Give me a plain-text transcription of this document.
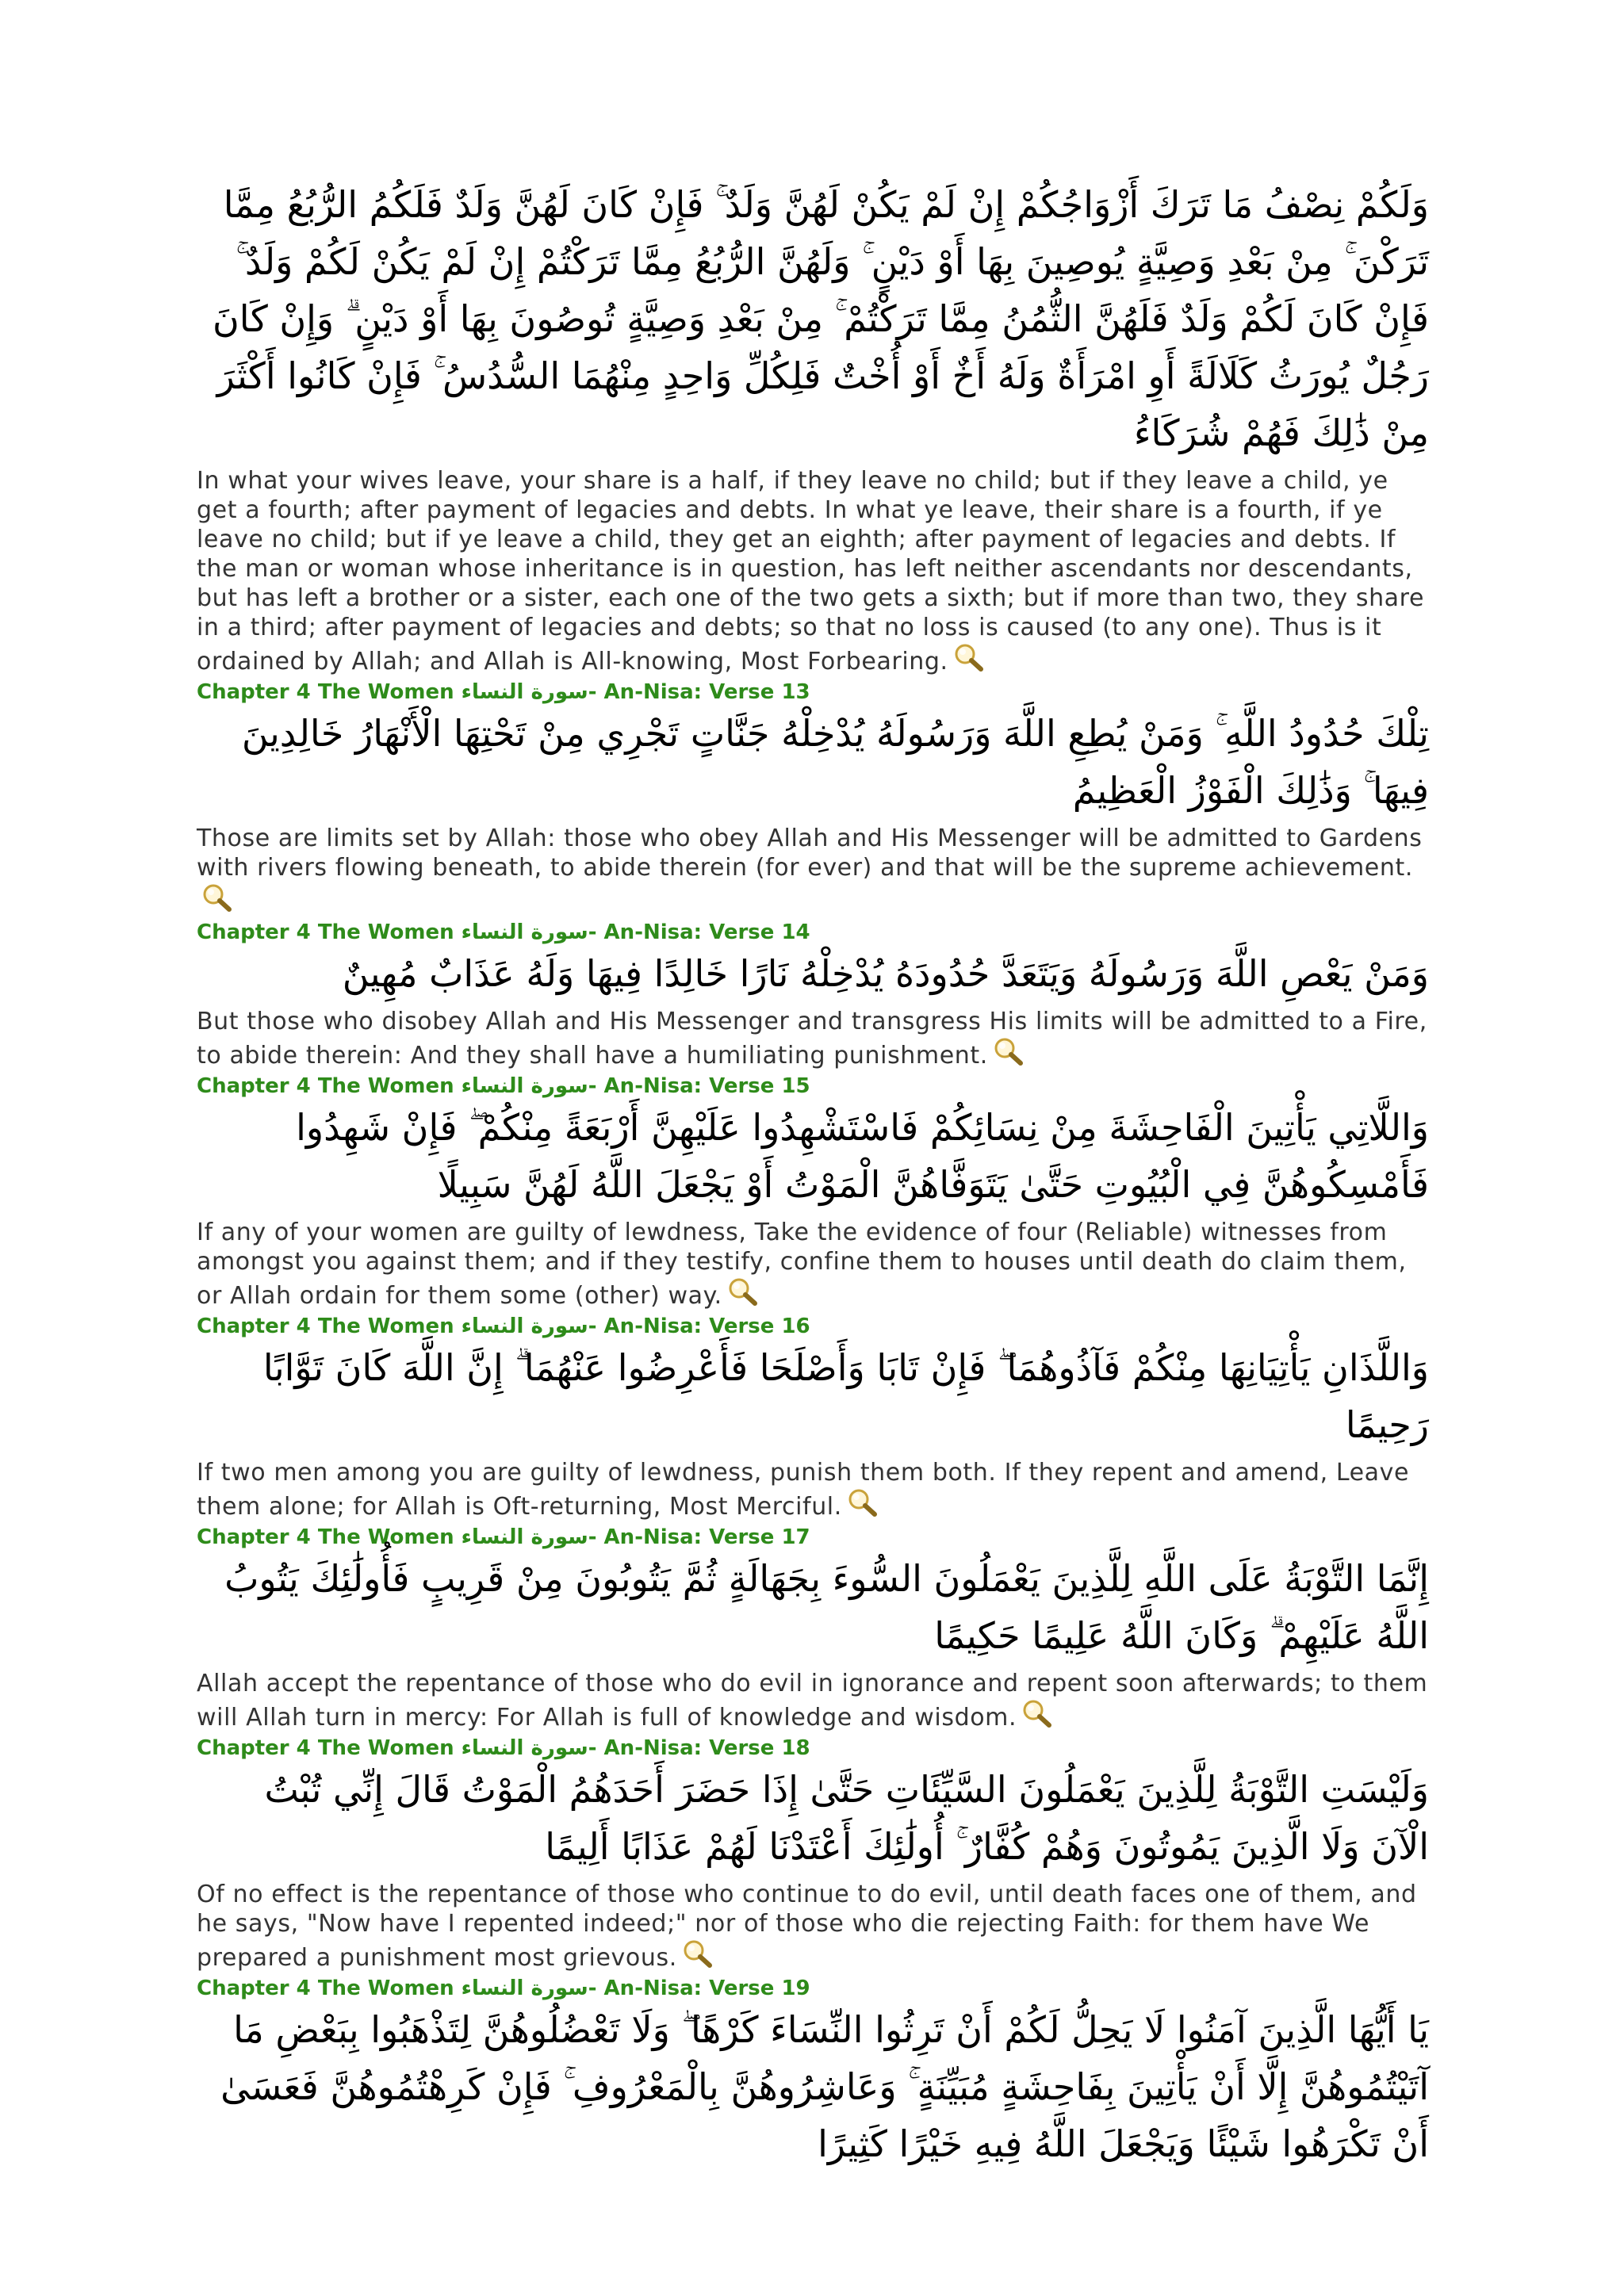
وَلَكُمْ نِصْفُ مَا تَرَكَ أَزْوَاجُكُمْ إِنْ لَمْ يَكُنْ لَهُنَّ وَلَدٌ ۚ فَإِنْ كَانَ لَهُنَّ وَلَدٌ فَلَكُمُ الرُّبُعُ مِمَّا تَرَكْنَ ۚ مِنْ بَعْدِ وَصِيَّةٍ يُوصِينَ بِهَا أَوْ دَيْنٍ ۚ وَلَهُنَّ الرُّبُعُ مِمَّا تَرَكْتُمْ إِنْ لَمْ يَكُنْ لَكُمْ وَلَدٌ ۚ فَإِنْ كَانَ لَكُمْ وَلَدٌ فَلَهُنَّ الثُّمُنُ مِمَّا تَرَكْتُمْ ۚ مِنْ بَعْدِ وَصِيَّةٍ تُوصُونَ بِهَا أَوْ دَيْنٍ ۗ وَإِنْ كَانَ رَجُلٌ يُورَثُ كَلَالَةً أَوِ امْرَأَةٌ وَلَهُ أَخٌ أَوْ أُخْتٌ فَلِكُلِّ وَاحِدٍ مِنْهُمَا السُّدُسُ ۚ فَإِنْ كَانُوا أَكْثَرَ مِنْ ذَٰلِكَ فَهُمْ شُرَكَاءُ

In what your wives leave, your share is a half, if they leave no child; but if they leave a child, ye get a fourth; after payment of legacies and debts. In what ye leave, their share is a fourth, if ye leave no child; but if ye leave a child, they get an eighth; after payment of legacies and debts. If the man or woman whose inheritance is in question, has left neither ascendants nor descendants, but has left a brother or a sister, each one of the two gets a sixth; but if more than two, they share in a third; after payment of legacies and debts; so that no loss is caused (to any one). Thus is it ordained by Allah; and Allah is All-knowing, Most Forbearing.

Chapter 4 The Women سورة النساء- An-Nisa: Verse 13

تِلْكَ حُدُودُ اللَّهِ ۚ وَمَنْ يُطِعِ اللَّهَ وَرَسُولَهُ يُدْخِلْهُ جَنَّاتٍ تَجْرِي مِنْ تَحْتِهَا الْأَنْهَارُ خَالِدِينَ فِيهَا ۚ وَذَٰلِكَ الْفَوْزُ الْعَظِيمُ

Those are limits set by Allah: those who obey Allah and His Messenger will be admitted to Gardens with rivers flowing beneath, to abide therein (for ever) and that will be the supreme achievement.

Chapter 4 The Women سورة النساء- An-Nisa: Verse 14

وَمَنْ يَعْصِ اللَّهَ وَرَسُولَهُ وَيَتَعَدَّ حُدُودَهُ يُدْخِلْهُ نَارًا خَالِدًا فِيهَا وَلَهُ عَذَابٌ مُهِينٌ

But those who disobey Allah and His Messenger and transgress His limits will be admitted to a Fire, to abide therein: And they shall have a humiliating punishment.

Chapter 4 The Women سورة النساء- An-Nisa: Verse 15

وَاللَّاتِي يَأْتِينَ الْفَاحِشَةَ مِنْ نِسَائِكُمْ فَاسْتَشْهِدُوا عَلَيْهِنَّ أَرْبَعَةً مِنْكُمْ ۖ فَإِنْ شَهِدُوا فَأَمْسِكُوهُنَّ فِي الْبُيُوتِ حَتَّىٰ يَتَوَفَّاهُنَّ الْمَوْتُ أَوْ يَجْعَلَ اللَّهُ لَهُنَّ سَبِيلًا

If any of your women are guilty of lewdness, Take the evidence of four (Reliable) witnesses from amongst you against them; and if they testify, confine them to houses until death do claim them, or Allah ordain for them some (other) way.

Chapter 4 The Women سورة النساء- An-Nisa: Verse 16

وَاللَّذَانِ يَأْتِيَانِهَا مِنْكُمْ فَآذُوهُمَا ۖ فَإِنْ تَابَا وَأَصْلَحَا فَأَعْرِضُوا عَنْهُمَا ۗ إِنَّ اللَّهَ كَانَ تَوَّابًا رَحِيمًا

If two men among you are guilty of lewdness, punish them both. If they repent and amend, Leave them alone; for Allah is Oft-returning, Most Merciful.

Chapter 4 The Women سورة النساء- An-Nisa: Verse 17

إِنَّمَا التَّوْبَةُ عَلَى اللَّهِ لِلَّذِينَ يَعْمَلُونَ السُّوءَ بِجَهَالَةٍ ثُمَّ يَتُوبُونَ مِنْ قَرِيبٍ فَأُولَٰئِكَ يَتُوبُ اللَّهُ عَلَيْهِمْ ۗ وَكَانَ اللَّهُ عَلِيمًا حَكِيمًا

Allah accept the repentance of those who do evil in ignorance and repent soon afterwards; to them will Allah turn in mercy: For Allah is full of knowledge and wisdom.

Chapter 4 The Women سورة النساء- An-Nisa: Verse 18

وَلَيْسَتِ التَّوْبَةُ لِلَّذِينَ يَعْمَلُونَ السَّيِّئَاتِ حَتَّىٰ إِذَا حَضَرَ أَحَدَهُمُ الْمَوْتُ قَالَ إِنِّي تُبْتُ الْآنَ وَلَا الَّذِينَ يَمُوتُونَ وَهُمْ كُفَّارٌ ۚ أُولَٰئِكَ أَعْتَدْنَا لَهُمْ عَذَابًا أَلِيمًا

Of no effect is the repentance of those who continue to do evil, until death faces one of them, and he says, "Now have I repented indeed;" nor of those who die rejecting Faith: for them have We prepared a punishment most grievous.

Chapter 4 The Women سورة النساء- An-Nisa: Verse 19

يَا أَيُّهَا الَّذِينَ آمَنُوا لَا يَحِلُّ لَكُمْ أَنْ تَرِثُوا النِّسَاءَ كَرْهًا ۖ وَلَا تَعْضُلُوهُنَّ لِتَذْهَبُوا بِبَعْضِ مَا آتَيْتُمُوهُنَّ إِلَّا أَنْ يَأْتِينَ بِفَاحِشَةٍ مُبَيِّنَةٍ ۚ وَعَاشِرُوهُنَّ بِالْمَعْرُوفِ ۚ فَإِنْ كَرِهْتُمُوهُنَّ فَعَسَىٰ أَنْ تَكْرَهُوا شَيْئًا وَيَجْعَلَ اللَّهُ فِيهِ خَيْرًا كَثِيرًا
